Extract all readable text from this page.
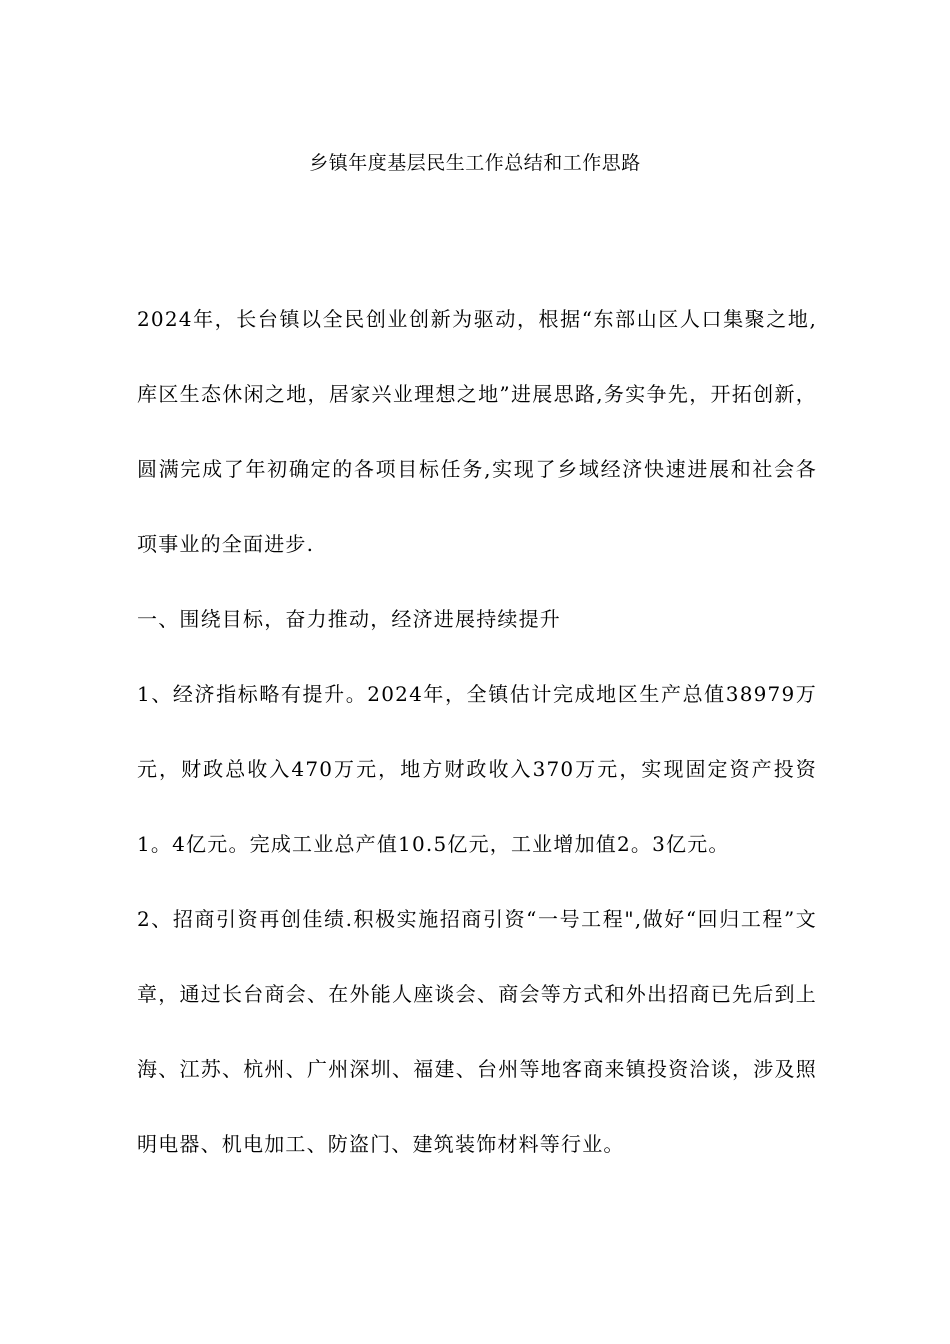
乡镇年度基层民生工作总结和工作思路

2024年，长台镇以全民创业创新为驱动，根据“东部山区人口集聚之地,库区生态休闲之地，居家兴业理想之地”进展思路,务实争先，开拓创新，圆满完成了年初确定的各项目标任务,实现了乡域经济快速进展和社会各项事业的全面进步.

一、围绕目标，奋力推动，经济进展持续提升

1、经济指标略有提升。2024年，全镇估计完成地区生产总值38979万元，财政总收入470万元，地方财政收入370万元，实现固定资产投资1。4亿元。完成工业总产值10.5亿元，工业增加值2。3亿元。

2、招商引资再创佳绩.积极实施招商引资“一号工程",做好“回归工程”文章，通过长台商会、在外能人座谈会、商会等方式和外出招商已先后到上海、江苏、杭州、广州深圳、福建、台州等地客商来镇投资洽谈，涉及照明电器、机电加工、防盗门、建筑装饰材料等行业。
